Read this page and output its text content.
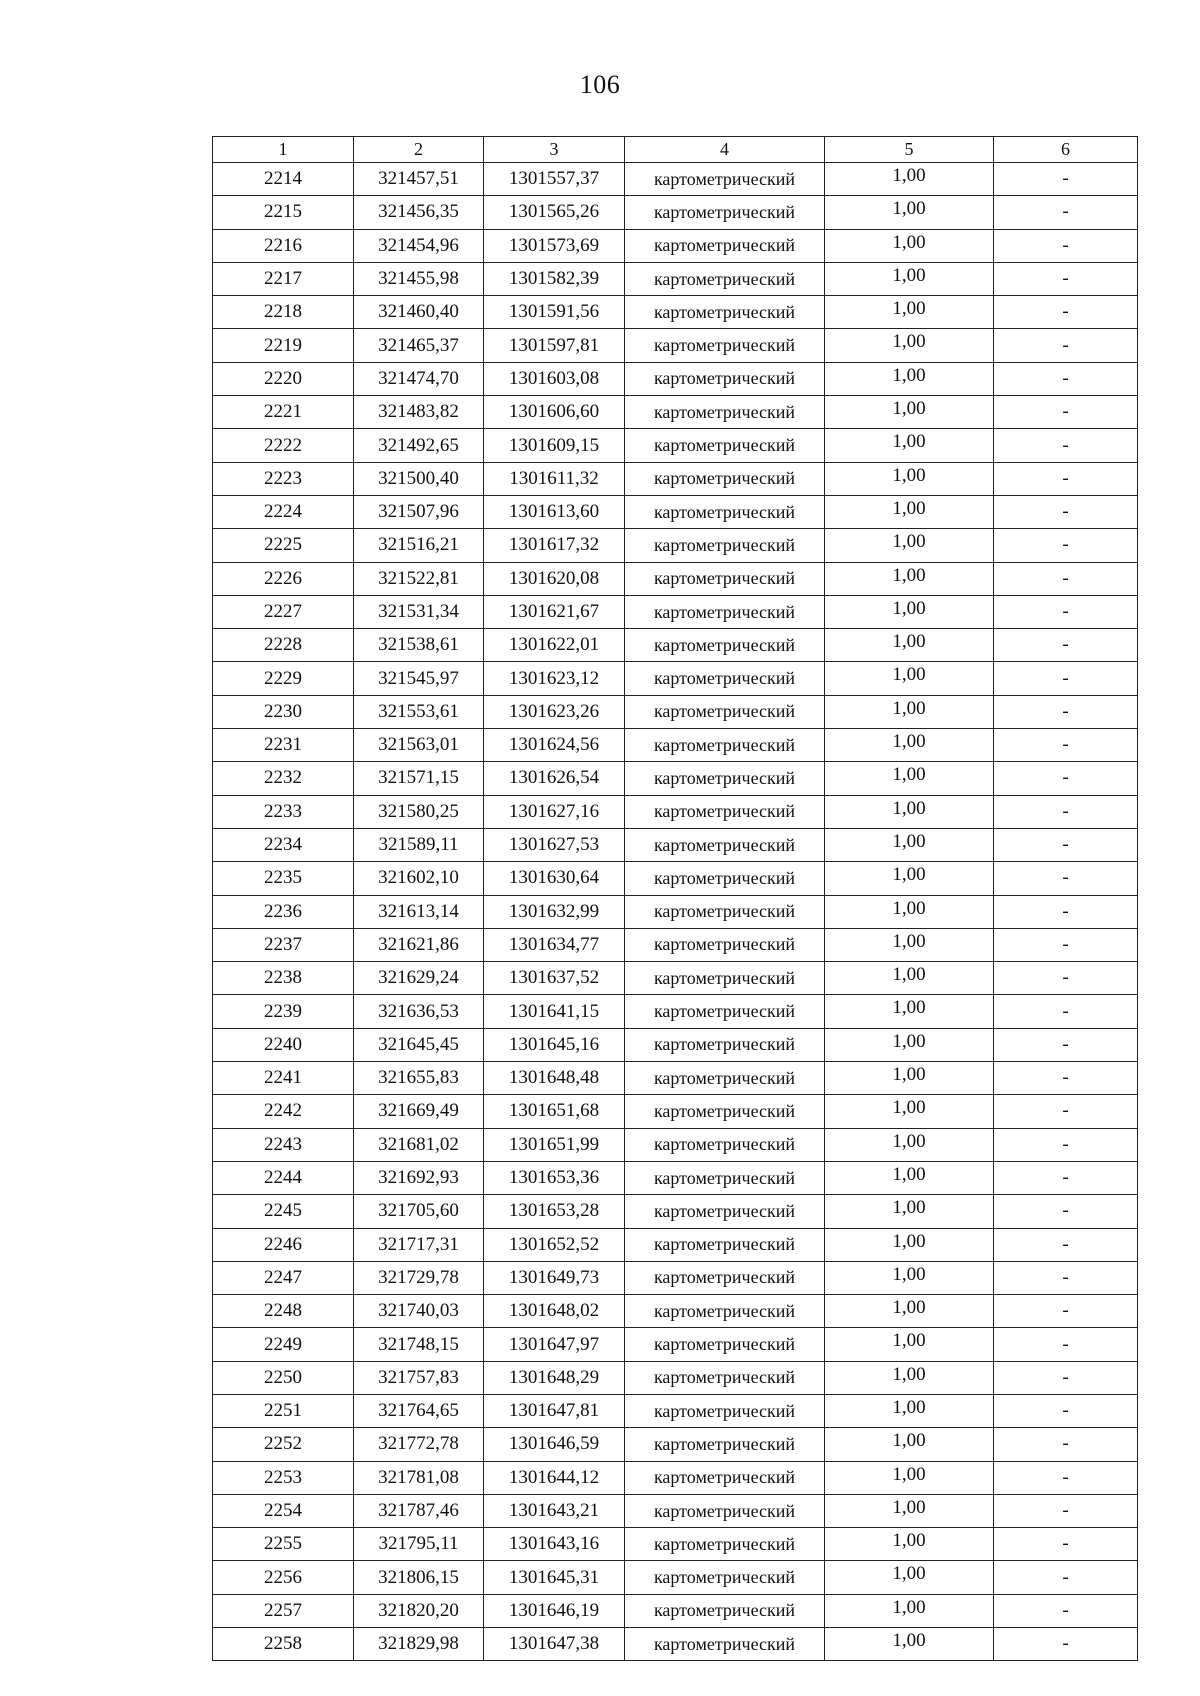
106
1	2	3	4	5	6
2214	321457,51	1301557,37	картометрический	1,00	-
2215	321456,35	1301565,26	картометрический	1,00	-
2216	321454,96	1301573,69	картометрический	1,00	-
2217	321455,98	1301582,39	картометрический	1,00	-
2218	321460,40	1301591,56	картометрический	1,00	-
2219	321465,37	1301597,81	картометрический	1,00	-
2220	321474,70	1301603,08	картометрический	1,00	-
2221	321483,82	1301606,60	картометрический	1,00	-
2222	321492,65	1301609,15	картометрический	1,00	-
2223	321500,40	1301611,32	картометрический	1,00	-
2224	321507,96	1301613,60	картометрический	1,00	-
2225	321516,21	1301617,32	картометрический	1,00	-
2226	321522,81	1301620,08	картометрический	1,00	-
2227	321531,34	1301621,67	картометрический	1,00	-
2228	321538,61	1301622,01	картометрический	1,00	-
2229	321545,97	1301623,12	картометрический	1,00	-
2230	321553,61	1301623,26	картометрический	1,00	-
2231	321563,01	1301624,56	картометрический	1,00	-
2232	321571,15	1301626,54	картометрический	1,00	-
2233	321580,25	1301627,16	картометрический	1,00	-
2234	321589,11	1301627,53	картометрический	1,00	-
2235	321602,10	1301630,64	картометрический	1,00	-
2236	321613,14	1301632,99	картометрический	1,00	-
2237	321621,86	1301634,77	картометрический	1,00	-
2238	321629,24	1301637,52	картометрический	1,00	-
2239	321636,53	1301641,15	картометрический	1,00	-
2240	321645,45	1301645,16	картометрический	1,00	-
2241	321655,83	1301648,48	картометрический	1,00	-
2242	321669,49	1301651,68	картометрический	1,00	-
2243	321681,02	1301651,99	картометрический	1,00	-
2244	321692,93	1301653,36	картометрический	1,00	-
2245	321705,60	1301653,28	картометрический	1,00	-
2246	321717,31	1301652,52	картометрический	1,00	-
2247	321729,78	1301649,73	картометрический	1,00	-
2248	321740,03	1301648,02	картометрический	1,00	-
2249	321748,15	1301647,97	картометрический	1,00	-
2250	321757,83	1301648,29	картометрический	1,00	-
2251	321764,65	1301647,81	картометрический	1,00	-
2252	321772,78	1301646,59	картометрический	1,00	-
2253	321781,08	1301644,12	картометрический	1,00	-
2254	321787,46	1301643,21	картометрический	1,00	-
2255	321795,11	1301643,16	картометрический	1,00	-
2256	321806,15	1301645,31	картометрический	1,00	-
2257	321820,20	1301646,19	картометрический	1,00	-
2258	321829,98	1301647,38	картометрический	1,00	-
